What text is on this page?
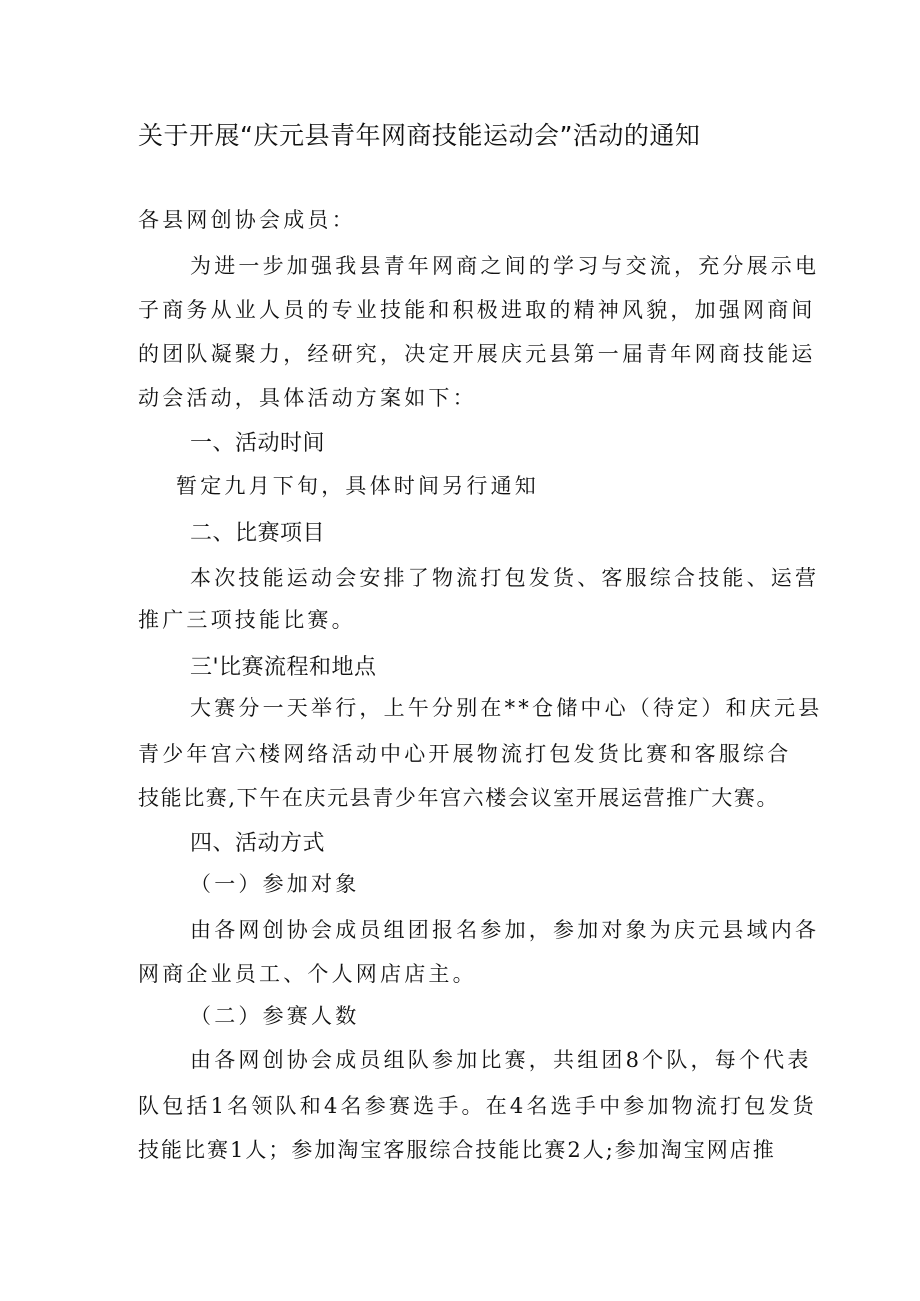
关于开展“庆元县青年网商技能运动会”活动的通知
各县网创协会成员：
为进一步加强我县青年网商之间的学习与交流，充分展示电
子商务从业人员的专业技能和积极进取的精神风貌，加强网商间
的团队凝聚力，经研究，决定开展庆元县第一届青年网商技能运
动会活动，具体活动方案如下：
一、活动时间
暂定九月下旬，具体时间另行通知
二、比赛项目
本次技能运动会安排了物流打包发货、客服综合技能、运营
推广三项技能比赛。
三'比赛流程和地点
大赛分一天举行，上午分别在**仓储中心（待定）和庆元县
青少年宫六楼网络活动中心开展物流打包发货比赛和客服综合
技能比赛,下午在庆元县青少年宫六楼会议室开展运营推广大赛。
四、活动方式
（一）参加对象
由各网创协会成员组团报名参加，参加对象为庆元县域内各
网商企业员工、个人网店店主。
（二）参赛人数
由各网创协会成员组队参加比赛，共组团8个队，每个代表
队包括1名领队和4名参赛选手。在4名选手中参加物流打包发货
技能比赛1人；参加淘宝客服综合技能比赛2人;参加淘宝网店推
